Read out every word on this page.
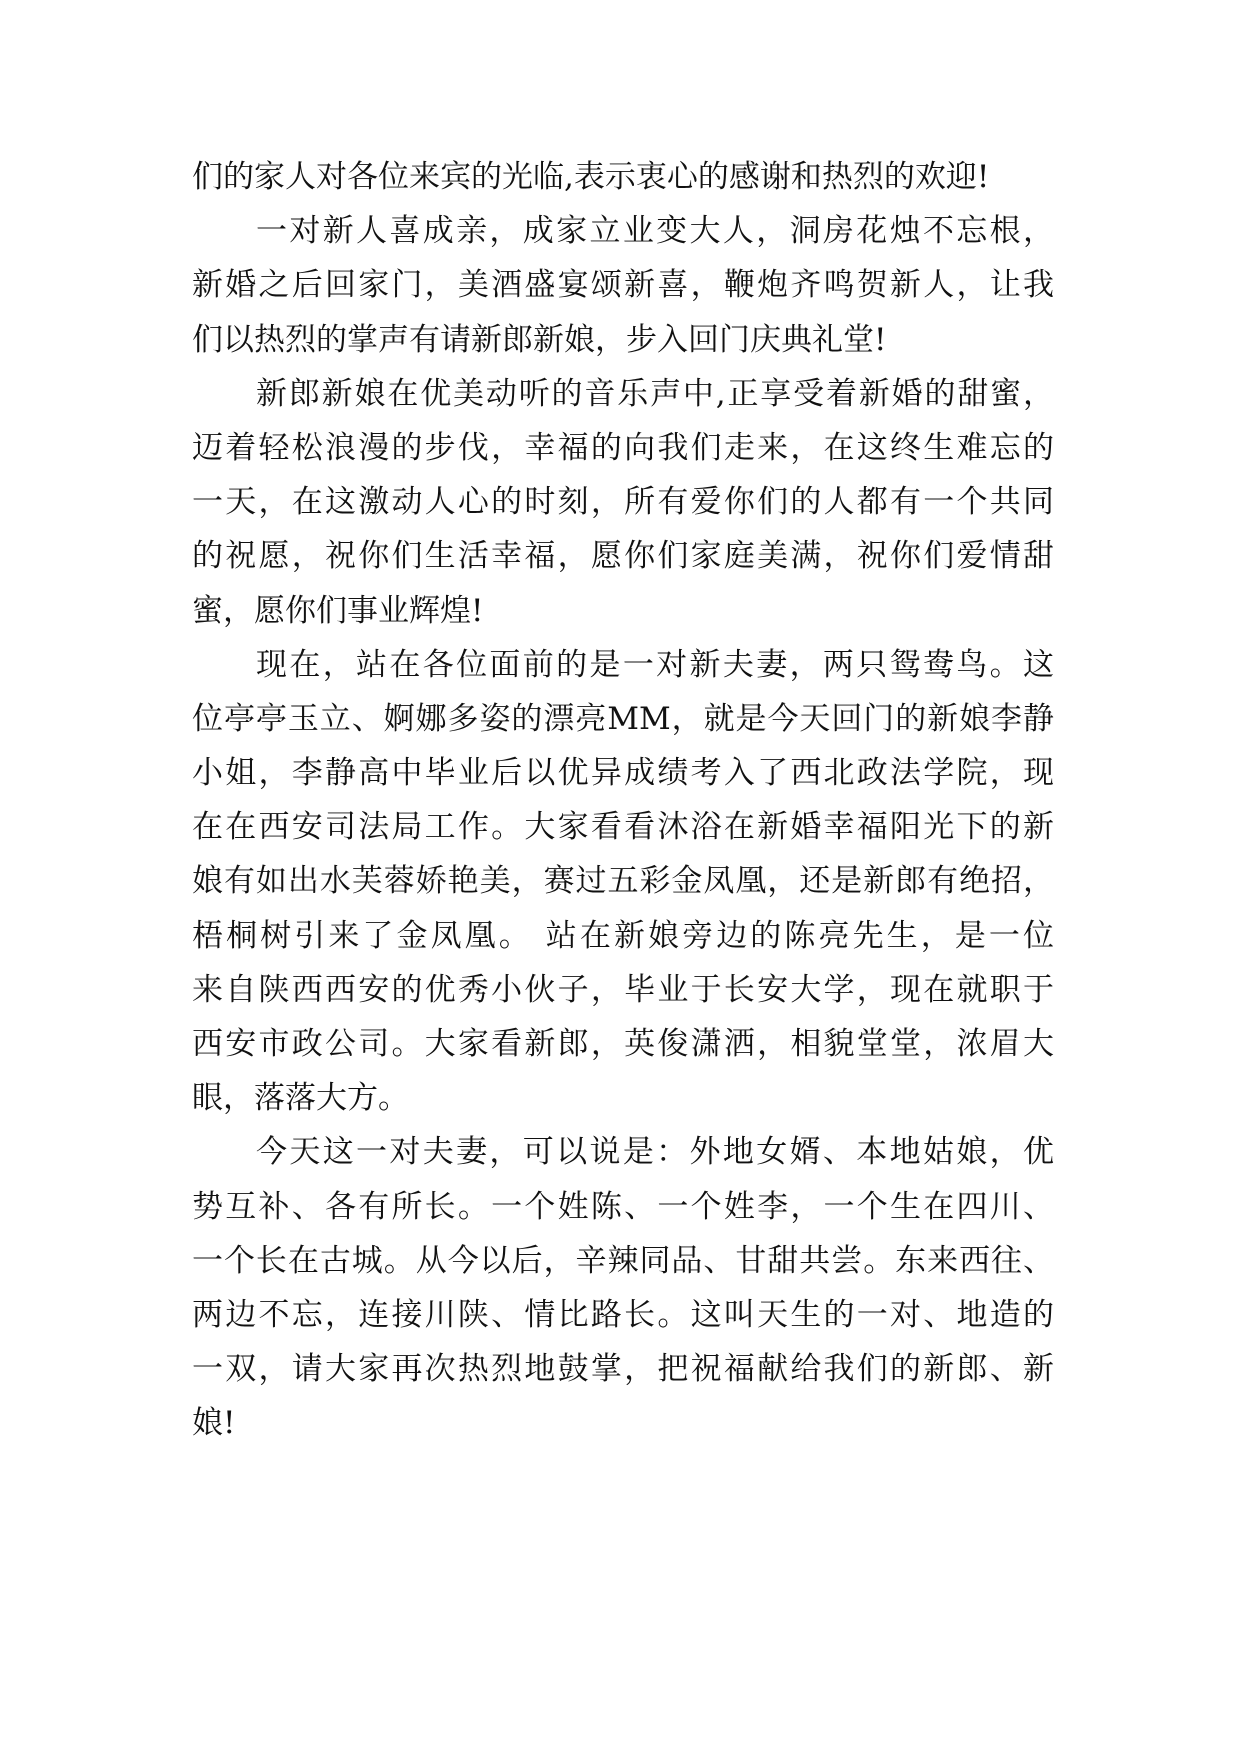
们的家人对各位来宾的光临,表示衷心的感谢和热烈的欢迎!
一对新人喜成亲，成家立业变大人，洞房花烛不忘根，
新婚之后回家门，美酒盛宴颂新喜，鞭炮齐鸣贺新人，让我
们以热烈的掌声有请新郎新娘，步入回门庆典礼堂!
新郎新娘在优美动听的音乐声中,正享受着新婚的甜蜜，
迈着轻松浪漫的步伐，幸福的向我们走来，在这终生难忘的
一天，在这激动人心的时刻，所有爱你们的人都有一个共同
的祝愿，祝你们生活幸福，愿你们家庭美满，祝你们爱情甜
蜜，愿你们事业辉煌!
现在，站在各位面前的是一对新夫妻，两只鸳鸯鸟。这
位亭亭玉立、婀娜多姿的漂亮MM，就是今天回门的新娘李静
小姐，李静高中毕业后以优异成绩考入了西北政法学院，现
在在西安司法局工作。大家看看沐浴在新婚幸福阳光下的新
娘有如出水芙蓉娇艳美，赛过五彩金凤凰，还是新郎有绝招，
梧桐树引来了金凤凰。 站在新娘旁边的陈亮先生，是一位
来自陕西西安的优秀小伙子，毕业于长安大学，现在就职于
西安市政公司。大家看新郎，英俊潇洒，相貌堂堂，浓眉大
眼，落落大方。
今天这一对夫妻，可以说是：外地女婿、本地姑娘，优
势互补、各有所长。一个姓陈、一个姓李，一个生在四川、
一个长在古城。从今以后，辛辣同品、甘甜共尝。东来西往、
两边不忘，连接川陕、情比路长。这叫天生的一对、地造的
一双，请大家再次热烈地鼓掌，把祝福献给我们的新郎、新
娘!
